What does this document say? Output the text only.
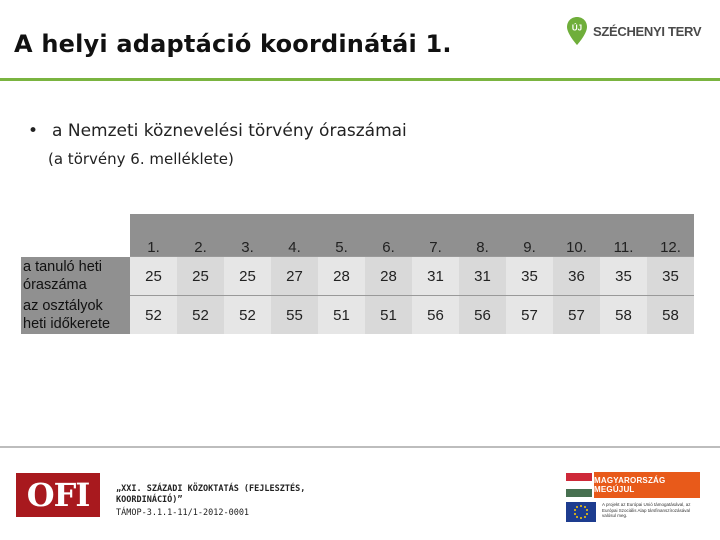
A helyi adaptáció koordinátái 1.
ÚJ SZÉCHENYI TERV
• a Nemzeti köznevelési törvény óraszámai
(a törvény 6. melléklete)
	1.	2.	3.	4.	5.	6.	7.	8.	9.	10.	11.	12.

a tanuló heti
óraszáma	25	25	25	27	28	28	31	31	35	36	35	35

az osztályok
heti időkerete	52	52	52	55	51	51	56	56	57	57	58	58
OFI	„XXI. SZÁZADI KÖZOKTATÁS (FEJLESZTÉS,
KOORDINÁCIÓ)”
TÁMOP-3.1.1-11/1-2012-0001
MAGYARORSZÁG MEGÚJUL
A projekt az Európai Unió támogatásával, az Európai Szociális Alap társfinanszírozásával valósul meg.
